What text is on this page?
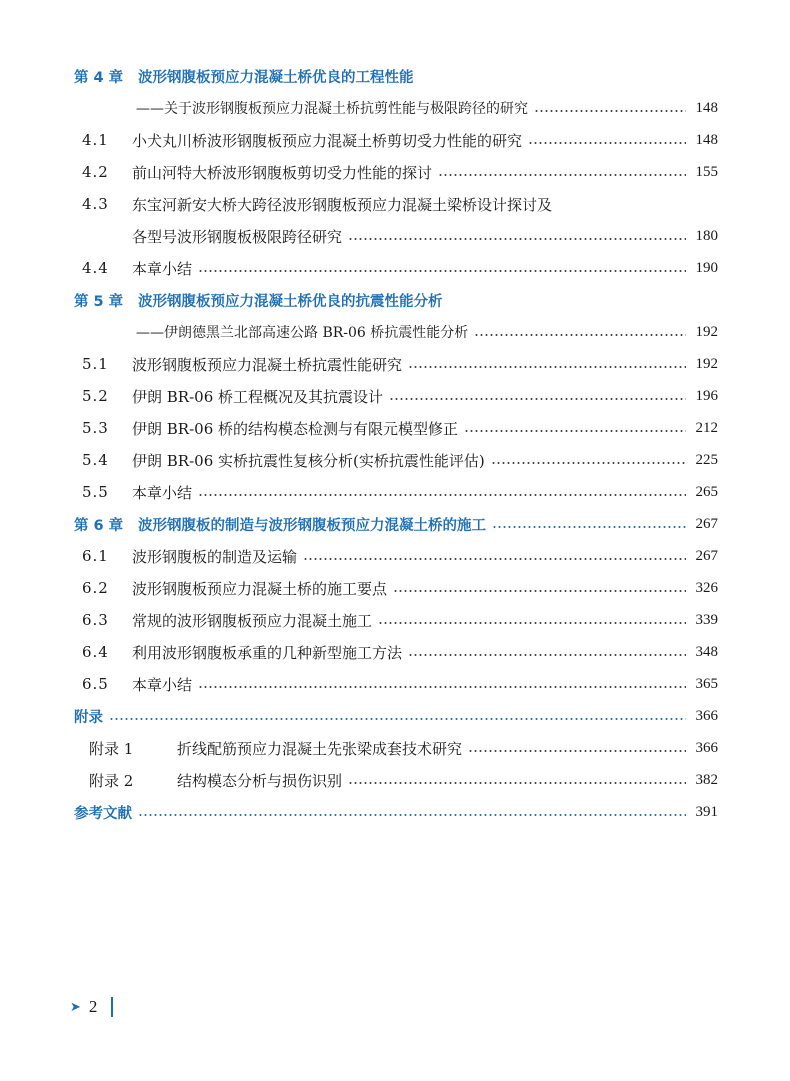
第 4 章	波形钢腹板预应力混凝土桥优良的工程性能
——关于波形钢腹板预应力混凝土桥抗剪性能与极限跨径的研究	148
4.1	小犬丸川桥波形钢腹板预应力混凝土桥剪切受力性能的研究	148
4.2	前山河特大桥波形钢腹板剪切受力性能的探讨	155
4.3	东宝河新安大桥大跨径波形钢腹板预应力混凝土梁桥设计探讨及
各型号波形钢腹板极限跨径研究	180
4.4	本章小结	190
第 5 章	波形钢腹板预应力混凝土桥优良的抗震性能分析
——伊朗德黑兰北部高速公路 BR-06 桥抗震性能分析	192
5.1	波形钢腹板预应力混凝土桥抗震性能研究	192
5.2	伊朗 BR-06 桥工程概况及其抗震设计	196
5.3	伊朗 BR-06 桥的结构模态检测与有限元模型修正	212
5.4	伊朗 BR-06 实桥抗震性复核分析(实桥抗震性能评估)	225
5.5	本章小结	265
第 6 章	波形钢腹板的制造与波形钢腹板预应力混凝土桥的施工	267
6.1	波形钢腹板的制造及运输	267
6.2	波形钢腹板预应力混凝土桥的施工要点	326
6.3	常规的波形钢腹板预应力混凝土施工	339
6.4	利用波形钢腹板承重的几种新型施工方法	348
6.5	本章小结	365
附录	366
附录 1	折线配筋预应力混凝土先张梁成套技术研究	366
附录 2	结构模态分析与损伤识别	382
参考文献	391
➤ 2
